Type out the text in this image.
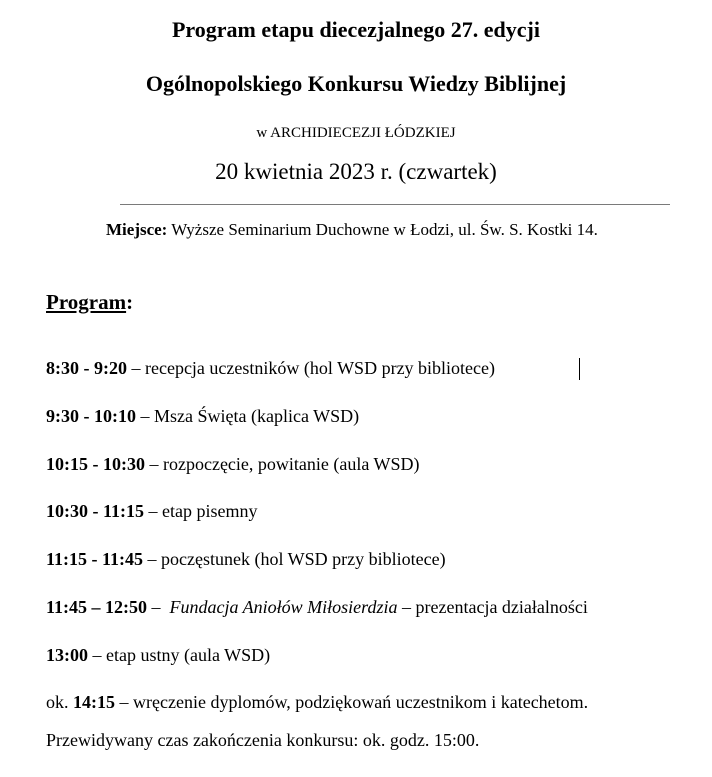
Program etapu diecezjalnego 27. edycji
Ogólnopolskiego Konkursu Wiedzy Biblijnej
w ARCHIDIECEZJI ŁÓDZKIEJ
20 kwietnia 2023 r. (czwartek)
Miejsce: Wyższe Seminarium Duchowne w Łodzi, ul. Św. S. Kostki 14.
Program:
8:30 - 9:20 – recepcja uczestników (hol WSD przy bibliotece)
9:30 - 10:10 – Msza Święta (kaplica WSD)
10:15 - 10:30 – rozpoczęcie, powitanie (aula WSD)
10:30 - 11:15 – etap pisemny
11:15 - 11:45 – poczęstunek (hol WSD przy bibliotece)
11:45 – 12:50 –  Fundacja Aniołów Miłosierdzia – prezentacja działalności
13:00 – etap ustny (aula WSD)
ok. 14:15 – wręczenie dyplomów, podziękowań uczestnikom i katechetom.
Przewidywany czas zakończenia konkursu: ok. godz. 15:00.
